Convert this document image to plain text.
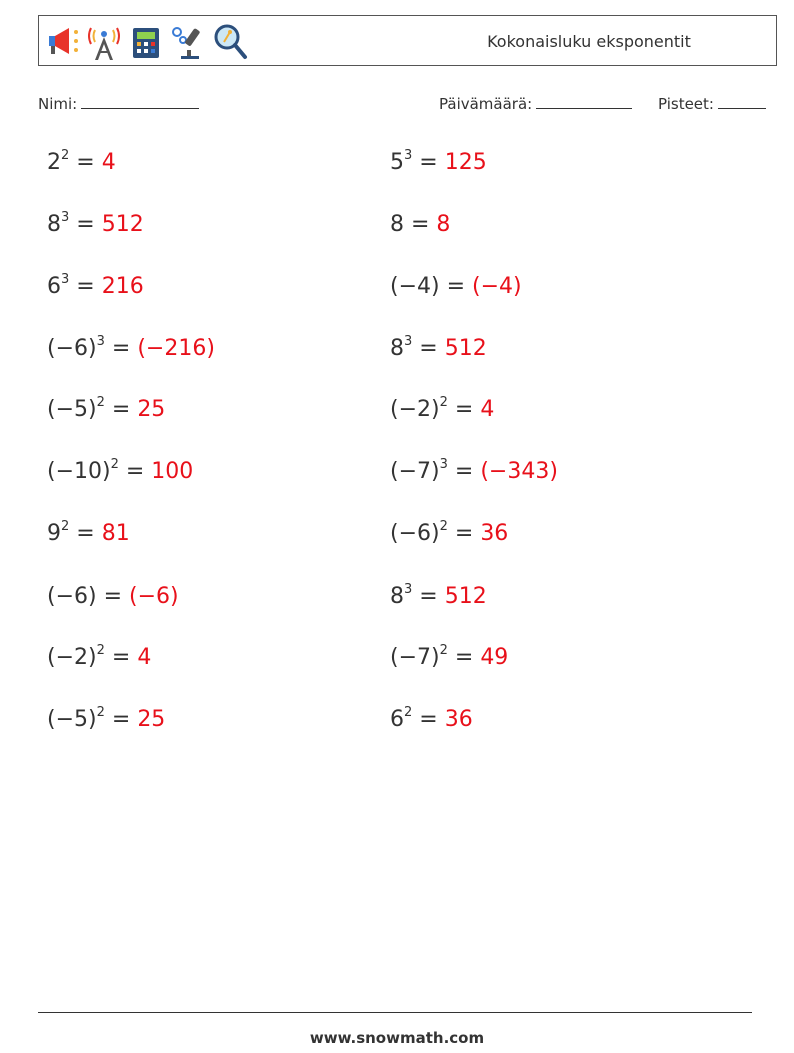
Kokonaisluku eksponentit
Nimi:	Päivämäärä:	Pisteet:
$2^2 = 4$
$8^3 = 512$
$6^3 = 216$
$(-6)^3 = (-216)$
$(-5)^2 = 25$
$(-10)^2 = 100$
$9^2 = 81$
(−6) = (−6)
$(-2)^2 = 4$
$(-5)^2 = 25$
$5^3 = 125$
8 = 8
(−4) = (−4)
$8^3 = 512$
$(-2)^2 = 4$
$(-7)^3 = (-343)$
$(-6)^2 = 36$
$8^3 = 512$
$(-7)^2 = 49$
$6^2 = 36$
www.snowmath.com
